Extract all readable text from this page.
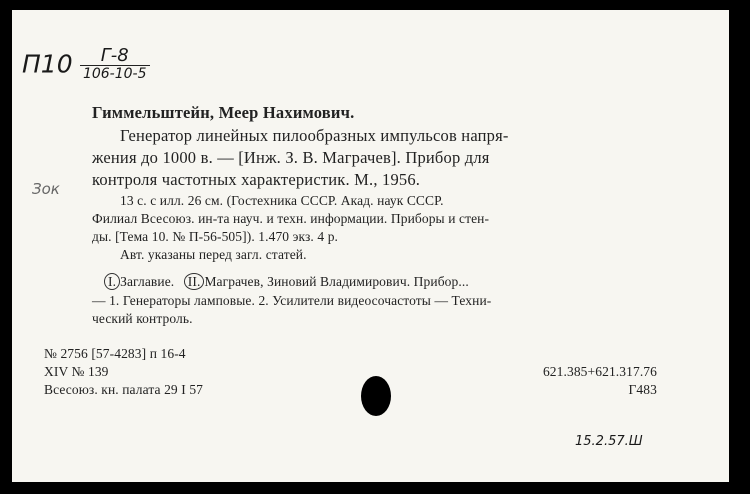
П10	Г-8
106-10-5
Зок
Гиммельштейн, Меер Нахимович.
Генератор линейных пилообразных импульсов напря-
жения до 1000 в. — [Инж. З. В. Маграчев]. Прибор для
контроля частотных характеристик. М., 1956.
13 с. с илл. 26 см. (Гостехника СССР. Акад. наук СССР.
Филиал Всесоюз. ин-та науч. и техн. информации. Приборы и стен-
ды. [Тема 10. № П-56-505]). 1.470 экз. 4 р.
Авт. указаны перед загл. статей.
I. Заглавие. II. Маграчев, Зиновий Владимирович. Прибор...
— 1. Генераторы ламповые. 2. Усилители видеосочастоты — Техни-
ческий контроль.
№ 2756 [57-4283] п 16-4
XIV № 139
Всесоюз. кн. палата 29 I 57
621.385+621.317.76
Г483
15.2.57.Ш
